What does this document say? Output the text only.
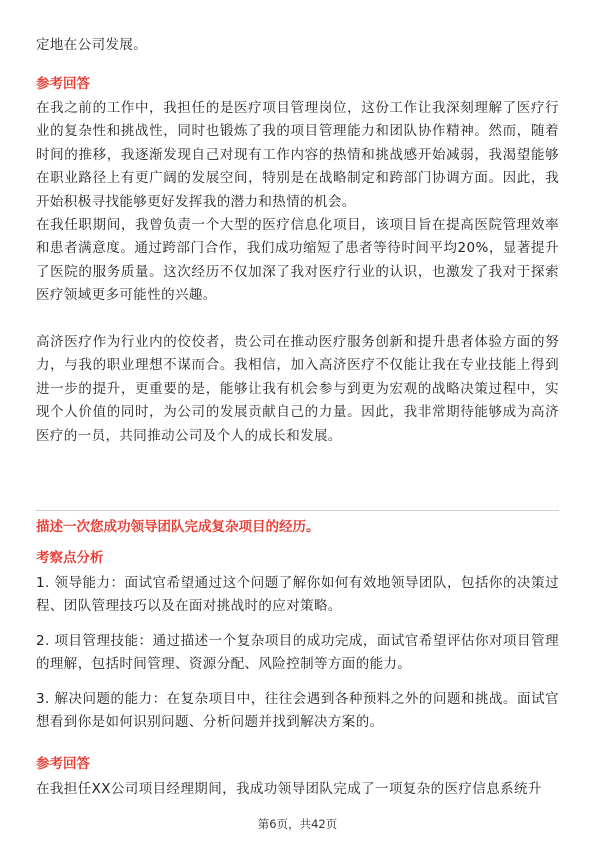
定地在公司发展。

参考回答

在我之前的工作中，我担任的是医疗项目管理岗位，这份工作让我深刻理解了医疗行业的复杂性和挑战性，同时也锻炼了我的项目管理能力和团队协作精神。然而，随着时间的推移，我逐渐发现自己对现有工作内容的热情和挑战感开始减弱，我渴望能够在职业路径上有更广阔的发展空间，特别是在战略制定和跨部门协调方面。因此，我开始积极寻找能够更好发挥我的潜力和热情的机会。

在我任职期间，我曾负责一个大型的医疗信息化项目，该项目旨在提高医院管理效率和患者满意度。通过跨部门合作，我们成功缩短了患者等待时间平均20%，显著提升了医院的服务质量。这次经历不仅加深了我对医疗行业的认识，也激发了我对于探索医疗领域更多可能性的兴趣。

高济医疗作为行业内的佼佼者，贵公司在推动医疗服务创新和提升患者体验方面的努力，与我的职业理想不谋而合。我相信，加入高济医疗不仅能让我在专业技能上得到进一步的提升，更重要的是，能够让我有机会参与到更为宏观的战略决策过程中，实现个人价值的同时，为公司的发展贡献自己的力量。因此，我非常期待能够成为高济医疗的一员，共同推动公司及个人的成长和发展。

描述一次您成功领导团队完成复杂项目的经历。

考察点分析

1. 领导能力：面试官希望通过这个问题了解你如何有效地领导团队，包括你的决策过程、团队管理技巧以及在面对挑战时的应对策略。

2. 项目管理技能：通过描述一个复杂项目的成功完成，面试官希望评估你对项目管理的理解，包括时间管理、资源分配、风险控制等方面的能力。

3. 解决问题的能力：在复杂项目中，往往会遇到各种预料之外的问题和挑战。面试官想看到你是如何识别问题、分析问题并找到解决方案的。

参考回答

在我担任XX公司项目经理期间，我成功领导团队完成了一项复杂的医疗信息系统升

第6页，共42页
